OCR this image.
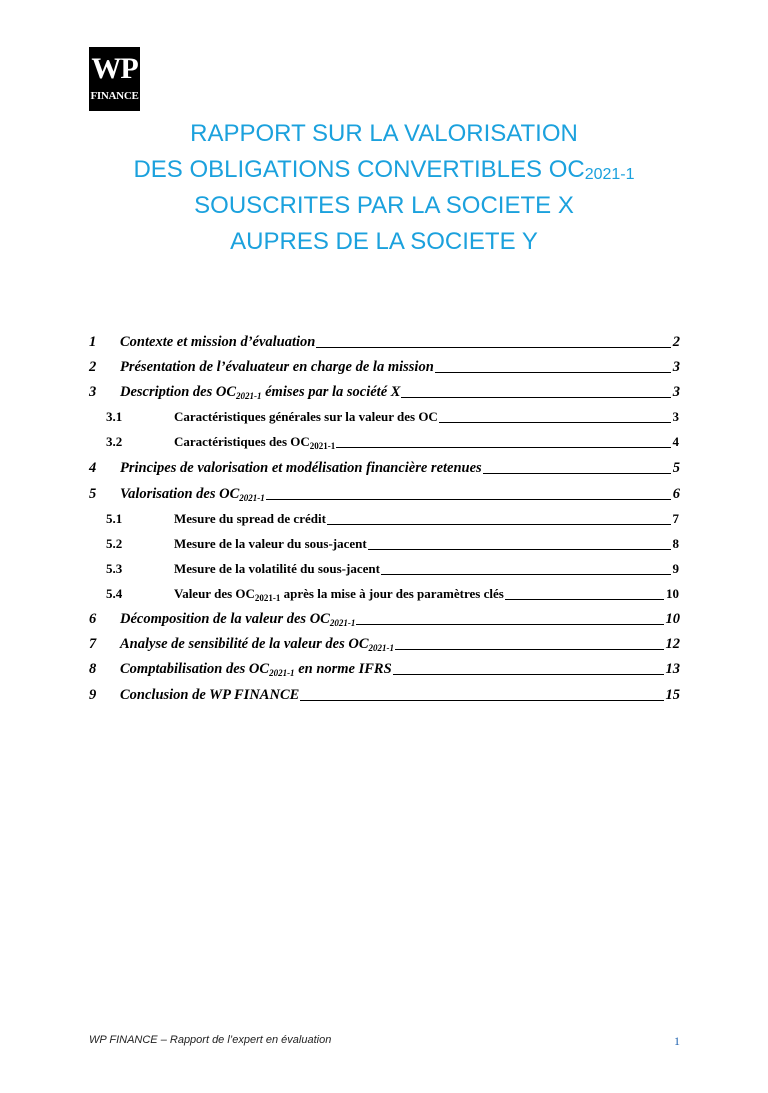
WP
FINANCE
RAPPORT SUR LA VALORISATION
DES OBLIGATIONS CONVERTIBLES $OC_{2021-1}$
SOUSCRITES PAR LA SOCIETE X
AUPRES DE LA SOCIETE Y
1 Contexte et mission d’évaluation	2
2 Présentation de l’évaluateur en charge de la mission	3
3 Description des $OC_{2021-1}$ émises par la société X	3
3.1	Caractéristiques générales sur la valeur des OC	3
3.2	Caractéristiques des $OC_{2021-1}$	4
4 Principes de valorisation et modélisation financière retenues	5
5 Valorisation des $OC_{2021-1}$	6
5.1	Mesure du spread de crédit	7
5.2	Mesure de la valeur du sous-jacent	8
5.3	Mesure de la volatilité du sous-jacent	9
5.4	Valeur des $OC_{2021-1}$ après la mise à jour des paramètres clés	10
6 Décomposition de la valeur des $OC_{2021-1}$	10
7 Analyse de sensibilité de la valeur des $OC_{2021-1}$	12
8 Comptabilisation des $OC_{2021-1}$ en norme IFRS	13
9 Conclusion de WP FINANCE	15
WP FINANCE – Rapport de l’expert en évaluation	1
